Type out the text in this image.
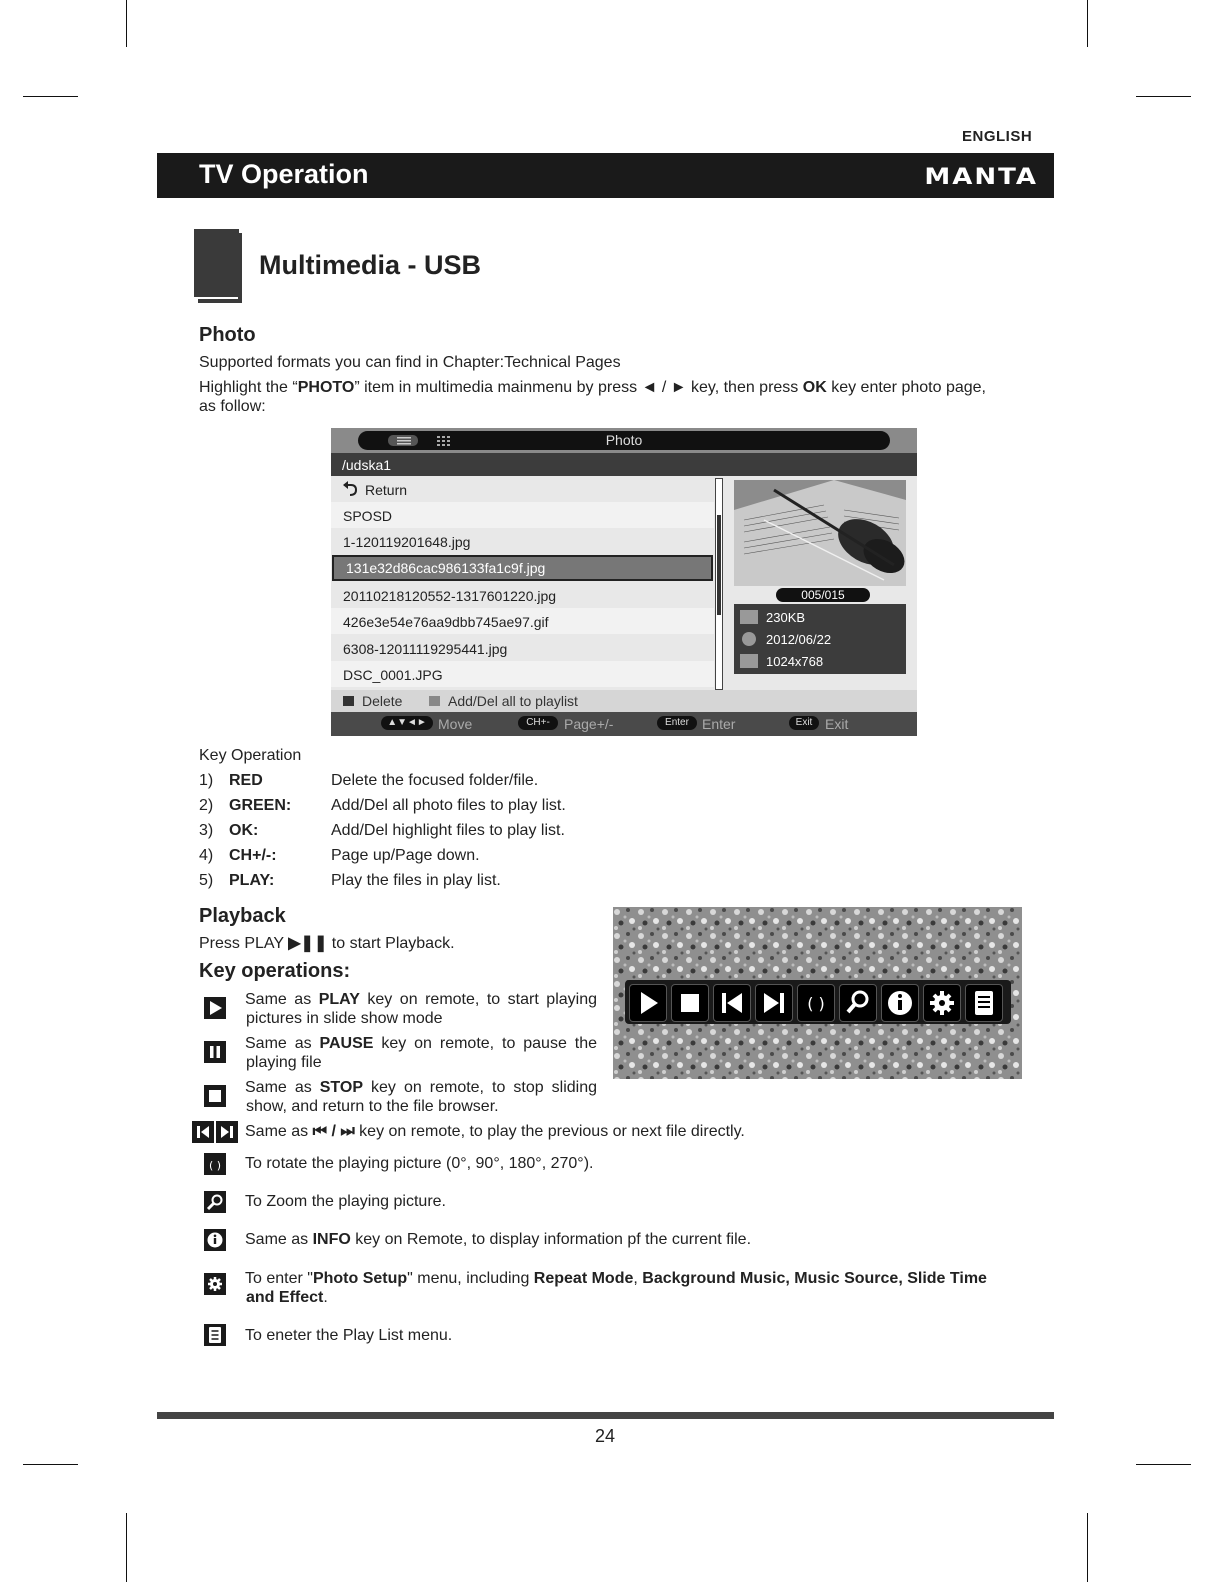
ENGLISH
TV Operation	MANTA
Multimedia - USB
Photo
Supported formats you can find in Chapter:Technical Pages
Highlight the “PHOTO” item in multimedia mainmenu by press ◄ / ► key, then press OK key enter photo page,
as follow:
Photo
/udska1
Return
SPOSD
1-120119201648.jpg
131e32d86cac986133fa1c9f.jpg
20110218120552-1317601220.jpg
426e3e54e76aa9dbb745ae97.gif
6308-12011119295441.jpg
DSC_0001.JPG
005/015
230KB
2012/06/22
1024x768
Delete	Add/Del all to playlist
▲▼◄► Move	CH+-	Page+/-	Enter Enter	Exit Exit
Key Operation
1) RED	Delete the focused folder/file.
2) GREEN: Add/Del all photo files to play list.
3) OK:	Add/Del highlight files to play list.
4) CH+/-:	Page up/Page down.
5) PLAY:	Play the files in play list.
Playback
Press PLAY ▶❚❚ to start Playback.
Key operations:
( )
Same as PLAY key on remote, to start playing
pictures in slide show mode
Same as PAUSE key on remote, to pause the
playing file
Same as STOP key on remote, to stop sliding
show, and return to the file browser.
Same as ⏮ / ⏭ key on remote, to play the previous or next file directly.
( ) To rotate the playing picture (0°, 90°, 180°, 270°).
To Zoom the playing picture.
Same as INFO key on Remote, to display information pf the current file.
To enter "Photo Setup" menu, including Repeat Mode, Background Music, Music Source, Slide Time
and Effect.
To eneter the Play List menu.
24
